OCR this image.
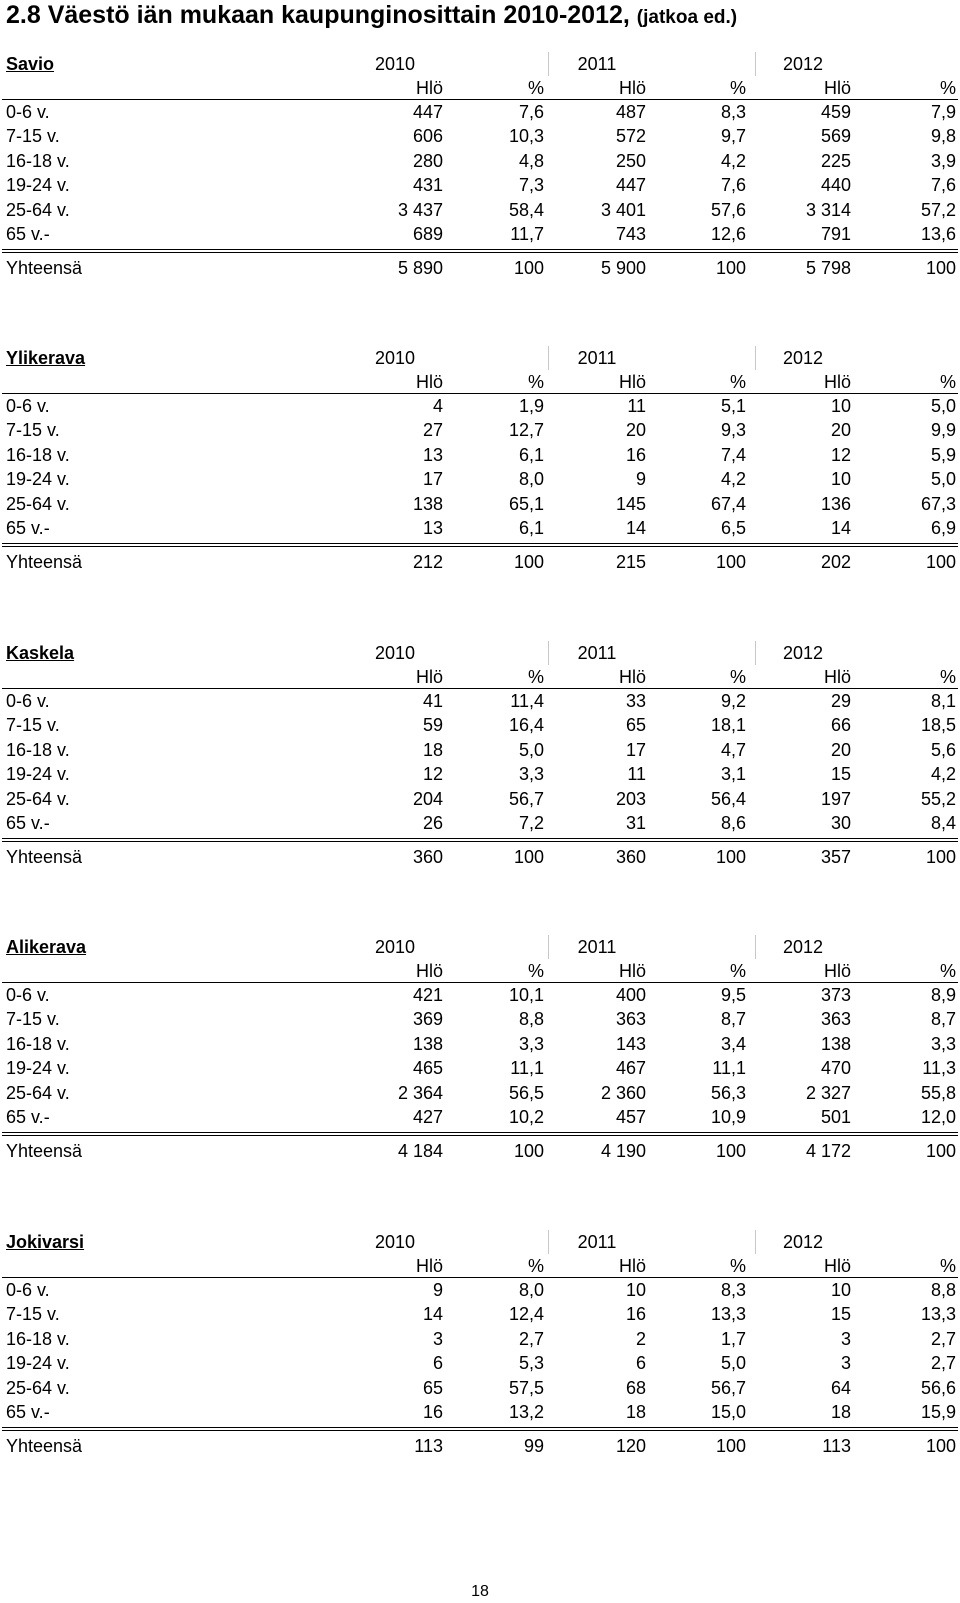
2.8 Väestö iän mukaan kaupunginosittain 2010-2012, (jatkoa ed.)
Savio	2010	2011	2012
Hlö	%	Hlö	%	Hlö	%
0-6 v.	447	7,6	487	8,3	459	7,9
7-15 v.	606	10,3	572	9,7	569	9,8
16-18 v.	280	4,8	250	4,2	225	3,9
19-24 v.	431	7,3	447	7,6	440	7,6
25-64 v.	3 437	58,4	3 401	57,6	3 314	57,2
65 v.-	689	11,7	743	12,6	791	13,6
Yhteensä	5 890	100	5 900	100	5 798	100
Ylikerava	2010	2011	2012
Hlö	%	Hlö	%	Hlö	%
0-6 v.	4	1,9	11	5,1	10	5,0
7-15 v.	27	12,7	20	9,3	20	9,9
16-18 v.	13	6,1	16	7,4	12	5,9
19-24 v.	17	8,0	9	4,2	10	5,0
25-64 v.	138	65,1	145	67,4	136	67,3
65 v.-	13	6,1	14	6,5	14	6,9
Yhteensä	212	100	215	100	202	100
Kaskela	2010	2011	2012
Hlö	%	Hlö	%	Hlö	%
0-6 v.	41	11,4	33	9,2	29	8,1
7-15 v.	59	16,4	65	18,1	66	18,5
16-18 v.	18	5,0	17	4,7	20	5,6
19-24 v.	12	3,3	11	3,1	15	4,2
25-64 v.	204	56,7	203	56,4	197	55,2
65 v.-	26	7,2	31	8,6	30	8,4
Yhteensä	360	100	360	100	357	100
Alikerava	2010	2011	2012
Hlö	%	Hlö	%	Hlö	%
0-6 v.	421	10,1	400	9,5	373	8,9
7-15 v.	369	8,8	363	8,7	363	8,7
16-18 v.	138	3,3	143	3,4	138	3,3
19-24 v.	465	11,1	467	11,1	470	11,3
25-64 v.	2 364	56,5	2 360	56,3	2 327	55,8
65 v.-	427	10,2	457	10,9	501	12,0
Yhteensä	4 184	100	4 190	100	4 172	100
Jokivarsi	2010	2011	2012
Hlö	%	Hlö	%	Hlö	%
0-6 v.	9	8,0	10	8,3	10	8,8
7-15 v.	14	12,4	16	13,3	15	13,3
16-18 v.	3	2,7	2	1,7	3	2,7
19-24 v.	6	5,3	6	5,0	3	2,7
25-64 v.	65	57,5	68	56,7	64	56,6
65 v.-	16	13,2	18	15,0	18	15,9
Yhteensä	113	99	120	100	113	100
18
